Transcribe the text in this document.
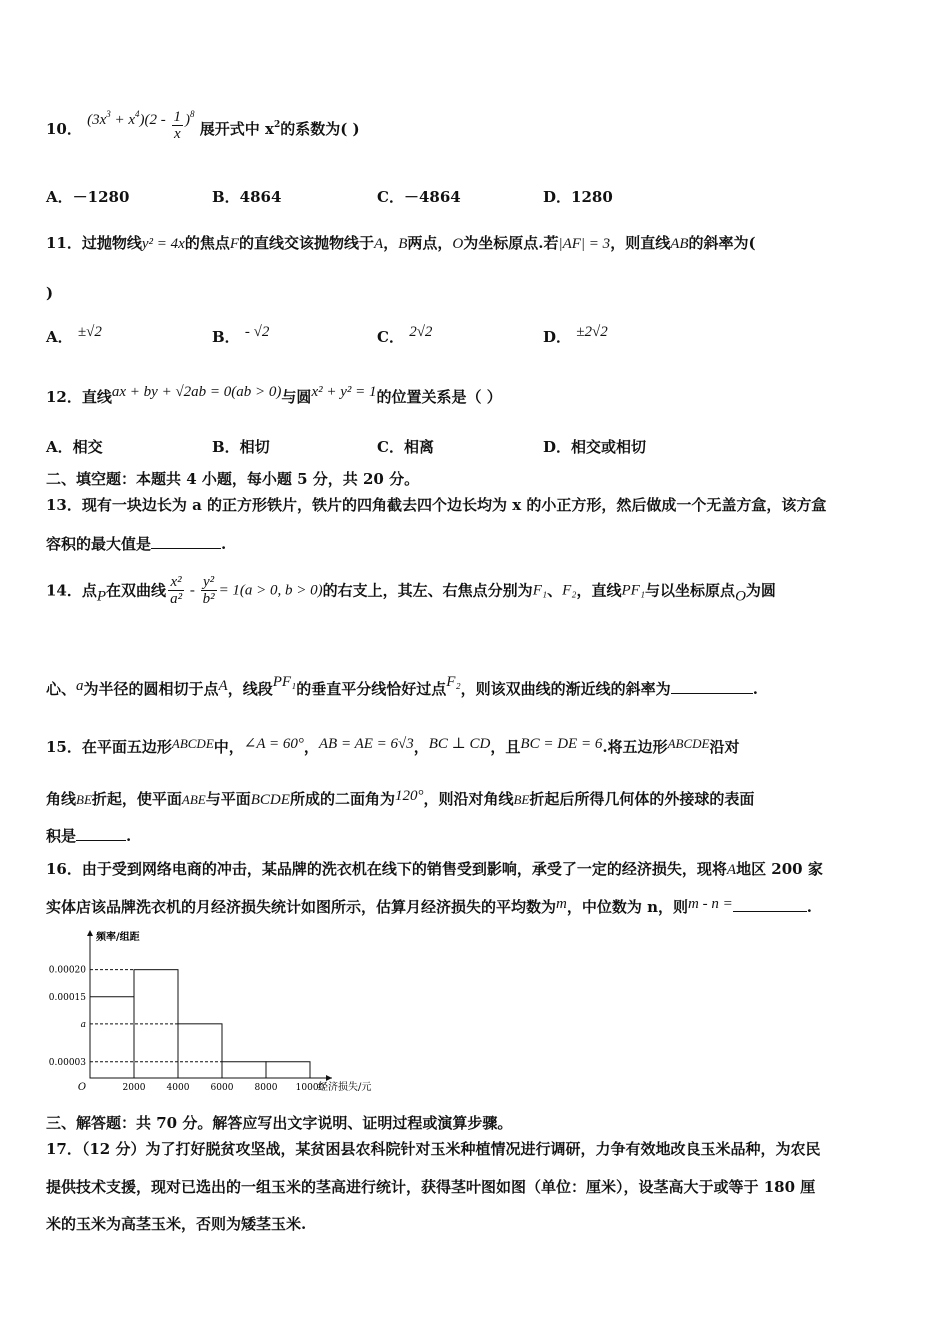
10． $(3x^3 + x^4)(2 - \frac{1}{x} )^8$ 展开式中 $x^2$的系数为( )
A．－1280	B．4864	C．－4864	D．1280
11．过抛物线y² = 4x的焦点F的直线交该抛物线于A，B两点，O为坐标原点.若|AF| = 3，则直线AB的斜率为(
)
A． ±√2	B． - √2	C． 2√2	D． ±2√2
12．直线ax + by + √2ab = 0(ab > 0)与圆x² + y² = 1的位置关系是（ ）
A．相交	B．相切	C．相离	D．相交或相切
二、填空题：本题共 4 小题，每小题 5 分，共 20 分。
13．现有一块边长为 a 的正方形铁片，铁片的四角截去四个边长均为 x 的小正方形，然后做成一个无盖方盒，该方盒
容积的最大值是	.
14．点P在双曲线 $\frac{\text{x²}}{\text{a²}} - \frac{\text{y²}}{\text{b²}} = 1(a > 0$, b > 0)的右支上，其左、右焦点分别为F₁、F₂，直线PF₁与以坐标原点O为圆
心、a为半径的圆相切于点A，线段PF₁的垂直平分线恰好过点F₂，则该双曲线的渐近线的斜率为	.
15．在平面五边形ABCDE中，∠A = 60°，AB = AE = 6√3，BC ⊥ CD，且BC = DE = 6.将五边形ABCDE沿对
角线BE折起，使平面ABE与平面BCDE所成的二面角为120°，则沿对角线BE折起后所得几何体的外接球的表面
积是	.
16．由于受到网络电商的冲击，某品牌的洗衣机在线下的销售受到影响，承受了一定的经济损失，现将A地区 200 家
实体店该品牌洗衣机的月经济损失统计如图所示，估算月经济损失的平均数为m，中位数为 n，则m - n =	.
0.00020
0.00015
a
0.00003
2000 4000 6000 8000 10000
O
频率/组距
经济损失/元
三、解答题：共 70 分。解答应写出文字说明、证明过程或演算步骤。
17．（12 分）为了打好脱贫攻坚战，某贫困县农科院针对玉米种植情况进行调研，力争有效地改良玉米品种，为农民
提供技术支援，现对已选出的一组玉米的茎高进行统计，获得茎叶图如图（单位：厘米），设茎高大于或等于 180 厘
米的玉米为高茎玉米，否则为矮茎玉米.
